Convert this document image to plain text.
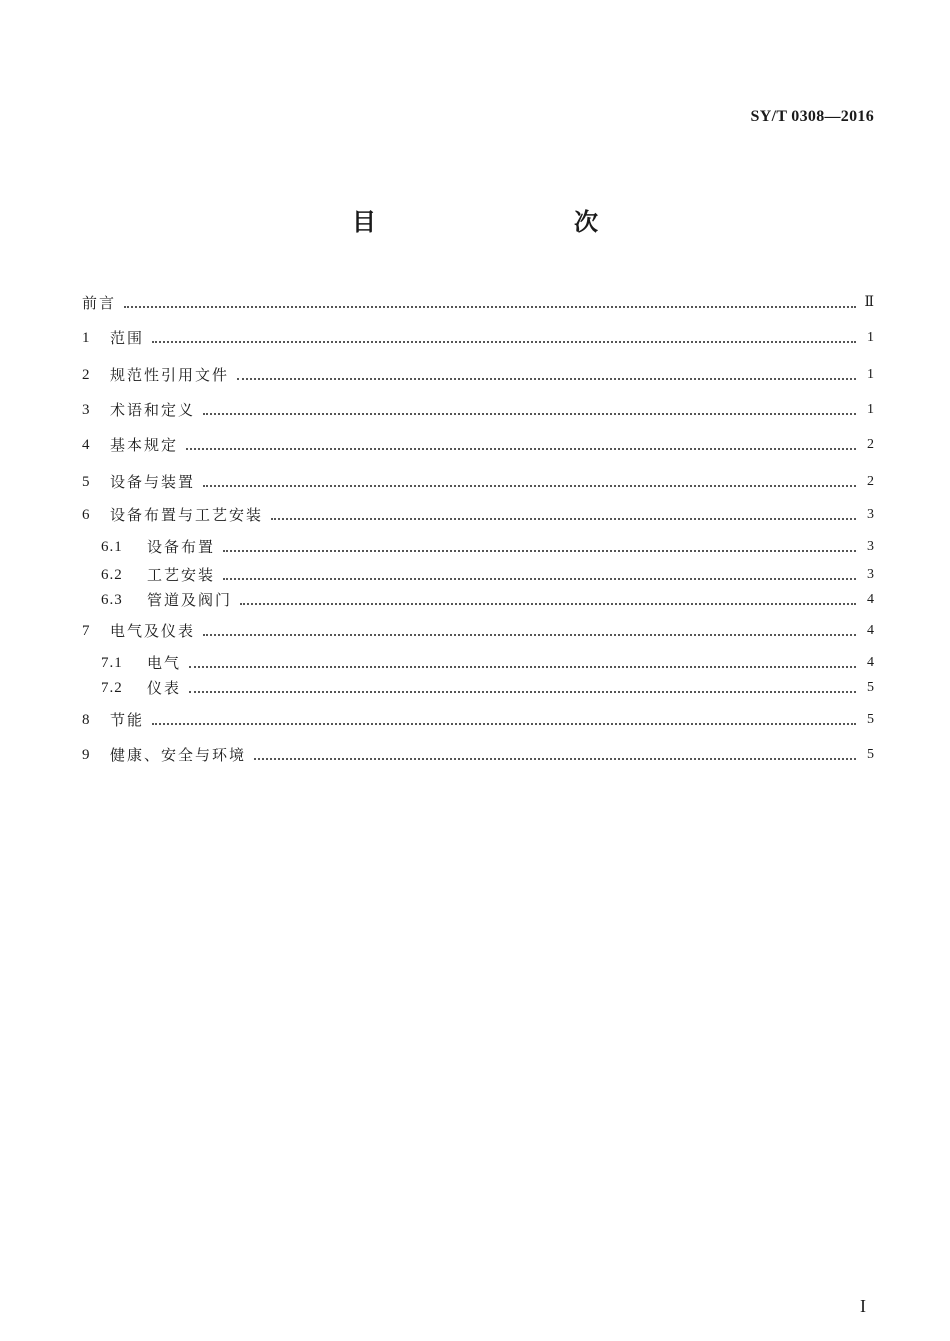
SY/T 0308—2016
目　　次
前言	Ⅱ
1	范围	1
2	规范性引用文件	1
3	术语和定义	1
4	基本规定	2
5	设备与装置	2
6	设备布置与工艺安装	3
6.1	设备布置	3
6.2	工艺安装	3
6.3	管道及阀门	4
7	电气及仪表	4
7.1	电气	4
7.2	仪表	5
8	节能	5
9	健康、安全与环境	5
I
